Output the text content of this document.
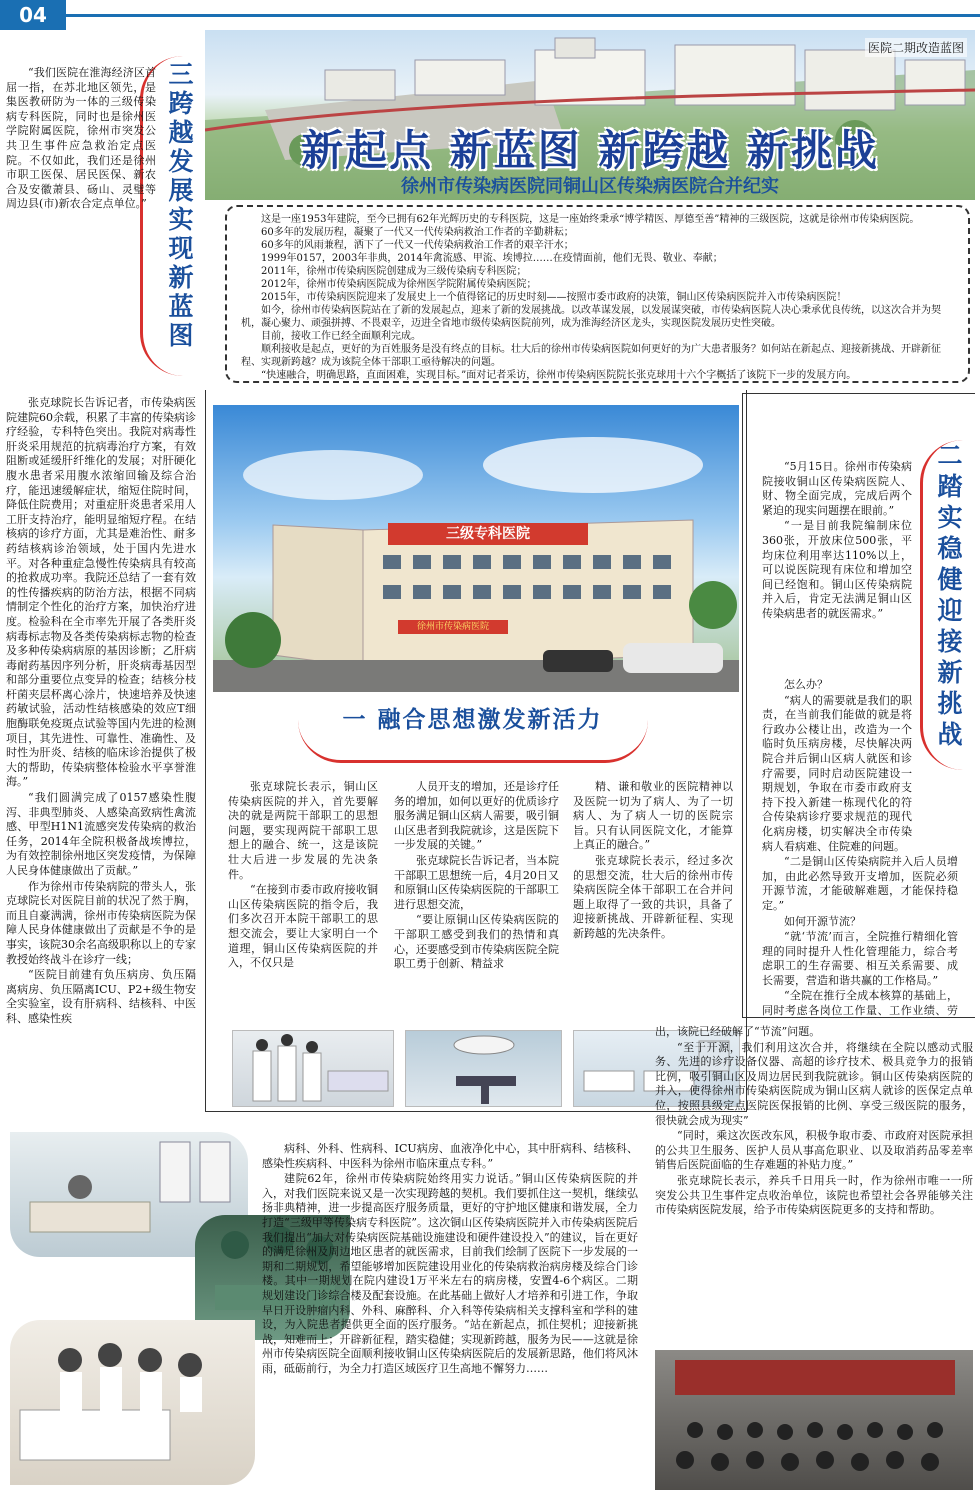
04
医院二期改造蓝图
新起点 新蓝图 新跨越 新挑战
徐州市传染病医院同铜山区传染病医院合并纪实

这是一座1953年建院，至今已拥有62年光辉历史的专科医院，这是一座始终秉承“博学精医、厚德至善”精神的三级医院，这就是徐州市传染病医院。

60多年的发展历程，凝聚了一代又一代传染病救治工作者的辛勤耕耘；

60多年的风雨兼程，洒下了一代又一代传染病救治工作者的艰辛汗水；

1999年0157，2003年非典，2014年禽流感、甲流、埃博拉……在疫情面前，他们无畏、敬业、奉献；

2011年，徐州市传染病医院创建成为三级传染病专科医院；

2012年，徐州市传染病医院成为徐州医学院附属传染病医院；

2015年，市传染病医院迎来了发展史上一个值得铭记的历史时刻——按照市委市政府的决策，铜山区传染病医院并入市传染病医院！

如今，徐州市传染病医院站在了新的发展起点，迎来了新的发展挑战。以改革谋发展，以发展谋突破，市传染病医院人决心秉承优良传统，以这次合并为契机，凝心聚力、顽强拼搏、不畏艰辛，迈进全省地市级传染病医院前列，成为淮海经济区龙头，实现医院发展历史性突破。

目前，接收工作已经全面顺利完成。

顺利接收是起点，更好的为百姓服务是没有终点的目标。壮大后的徐州市传染病医院如何更好的为广大患者服务？如何站在新起点、迎接新挑战、开辟新征程、实现新跨越？成为该院全体干部职工亟待解决的问题。

“快速融合，明确思路，直面困难，实现目标。”面对记者采访，徐州市传染病医院院长张克球用十六个字概括了该院下一步的发展方向。

三 跨越发展实现新蓝图

“我们医院在淮海经济区首屈一指，在苏北地区领先，是集医教研防为一体的三级传染病专科医院，同时也是徐州医学院附属医院，徐州市突发公共卫生事件应急救治定点医院。不仅如此，我们还是徐州市职工医保、居民医保、新农合及安徽萧县、砀山、灵璧等周边县(市)新农合定点单位。”

张克球院长告诉记者，市传染病医院建院60余载，积累了丰富的传染病诊疗经验，专科特色突出。我院对病毒性肝炎采用规范的抗病毒治疗方案，有效阻断或延缓肝纤维化的发展；对肝硬化腹水患者采用腹水浓缩回输及综合治疗，能迅速缓解症状，缩短住院时间，降低住院费用；对重症肝炎患者采用人工肝支持治疗，能明显缩短疗程。在结核病的诊疗方面，尤其是难治性、耐多药结核病诊治领域，处于国内先进水平。对各种重症急慢性传染病具有较高的抢救成功率。我院还总结了一套有效的性传播疾病的防治方法，根据不同病情制定个性化的治疗方案，加快治疗进度。检验科在全市率先开展了各类肝炎病毒标志物及各类传染病标志物的检查及多种传染病病原的基因诊断；乙肝病毒耐药基因序列分析，肝炎病毒基因型和部分重要位点变异的检查；结核分枝杆菌夹层杯离心涂片，快速培养及快速药敏试验，活动性结核感染的效应T细胞酶联免疫斑点试验等国内先进的检测项目，其先进性、可靠性、准确性、及时性为肝炎、结核的临床诊治提供了极大的帮助，传染病整体检验水平享誉淮海。”

“我们圆满完成了0157感染性腹泻、非典型肺炎、人感染高致病性禽流感、甲型H1N1流感突发传染病的救治任务，2014年全院积极备战埃博拉，为有效控制徐州地区突发疫情，为保障人民身体健康做出了贡献。”

作为徐州市传染病院的带头人，张克球院长对医院目前的状况了然于胸，而且自豪满满，徐州市传染病医院为保障人民身体健康做出了贡献是不争的是事实，该院30余名高级职称以上的专家教授始终战斗在诊疗一线；

“医院目前建有负压病房、负压隔离病房、负压隔离ICU、P2+级生物安全实验室，设有肝病科、结核科、中医科、感染性疾

三级专科医院
徐州市传染病医院
一 融合思想激发新活力

张克球院长表示，铜山区传染病医院的并入，首先要解决的就是两院干部职工的思想问题，要实现两院干部职工思想上的融合、统一，这是该院壮大后进一步发展的先决条件。

“在接到市委市政府接收铜山区传染病医院的指令后，我们多次召开本院干部职工的思想交流会，要让大家明白一个道理，铜山区传染病医院的并入，不仅只是

人员开支的增加，还是诊疗任务的增加，如何以更好的优质诊疗服务满足铜山区病人需要，吸引铜山区患者到我院就诊，这是医院下一步发展的关键。”

张克球院长告诉记者，当本院干部职工思想统一后，4月20日又和原铜山区传染病医院的干部职工进行思想交流，

“要让原铜山区传染病医院的干部职工感受到我们的热情和真心，还要感受到市传染病医院全院职工勇于创新、精益求

精、谦和敬业的医院精神以及医院一切为了病人、为了一切病人、为了病人一切的医院宗旨。只有认同医院文化，才能算上真正的融合。”

张克球院长表示，经过多次的思想交流，壮大后的徐州市传染病医院全体干部职工在合并问题上取得了一致的共识，具备了迎接新挑战、开辟新征程、实现新跨越的先决条件。

二 踏实稳健迎接新挑战

“5月15日。徐州市传染病院接收铜山区传染病医院人、财、物全面完成，完成后两个紧迫的现实问题摆在眼前。”

“一是目前我院编制床位360张，开放床位500张，平均床位利用率达110%以上，可以说医院现有床位和增加空间已经饱和。铜山区传染病院并入后，肯定无法满足铜山区传染病患者的就医需求。”

怎么办？

“病人的需要就是我们的职责，在当前我们能做的就是将行政办公楼让出，改造为一个临时负压病房楼，尽快解决两院合并后铜山区病人就医和诊疗需要，同时启动医院建设一期规划，争取在市委市政府支持下投入新建一栋现代化的符合传染病诊疗要求规范的现代化病房楼，切实解决全市传染病人看病难、住院难的问题。

“二是铜山区传染病院并入后人员增加，由此必然导致开支增加，医院必须开源节流，才能破解难题，才能保持稳定。”

如何开源节流？

“就‘节流’而言，全院推行精细化管理的同时提升人性化管理能力，综合考虑职工的生存需要、相互关系需要、成长需要，营造和谐共赢的工作格局。”

“全院在推行全成本核算的基础上，同时考虑各岗位工作量、工作业绩、劳

病科、外科、性病科、ICU病房、血液净化中心，其中肝病科、结核科、感染性疾病科、中医科为徐州市临床重点专科。”

建院62年，徐州市传染病院始终用实力说话。”铜山区传染病医院的并入，对我们医院来说又是一次实现跨越的契机。我们要抓住这一契机，继续弘扬非典精神，进一步提高医疗服务质量，更好的守护地区健康和谐发展，全力打造“三级甲等传染病专科医院”。这次铜山区传染病医院并入市传染病医院后我们提出“加大对传染病医院基础设施建设和硬件建设投入”的建议，旨在更好的满足徐州及周边地区患者的就医需求，目前我们绘制了医院下一步发展的一期和二期规划，希望能够增加医院建设用业化的传染病救治病房楼及综合门诊楼。其中一期规划在院内建设1万平米左右的病房楼，安置4-6个病区。二期规划建设门诊综合楼及配套设施。在此基础上做好人才培养和引进工作，争取早日开设肿瘤内科、外科、麻醉科、介入科等传染病相关支撑科室和学科的建设，为入院患者提供更全面的医疗服务。“站在新起点，抓住契机；迎接新挑战，知难而上；开辟新征程，踏实稳健；实现新跨越，服务为民——这就是徐州市传染病医院全面顺利接收铜山区传染病医院后的发展新思路，他们将风沐雨，砥砺前行，为全力打造区域医疗卫生高地不懈努力……

出，该院已经破解了“节流”问题。

“至于开源，我们利用这次合并，将继续在全院以感动式服务、先进的诊疗设备仪器、高超的诊疗技术、极具竞争力的报销比例，吸引铜山区及周边居民到我院就诊。铜山区传染病医院的并入，使得徐州市传染病医院成为铜山区病人就诊的医保定点单位，按照县级定点医院医保报销的比例、享受三级医院的服务，很快就会成为现实”

“同时，乘这次医改东风，积极争取市委、市政府对医院承担的公共卫生服务、医护人员从事高危职业、以及取消药品零差率销售后医院面临的生存难题的补贴力度。”

张克球院长表示，养兵千日用兵一时，作为徐州市唯一一所突发公共卫生事件定点收治单位，该院也希望社会各界能够关注市传染病医院发展，给予市传染病医院更多的支持和帮助。
